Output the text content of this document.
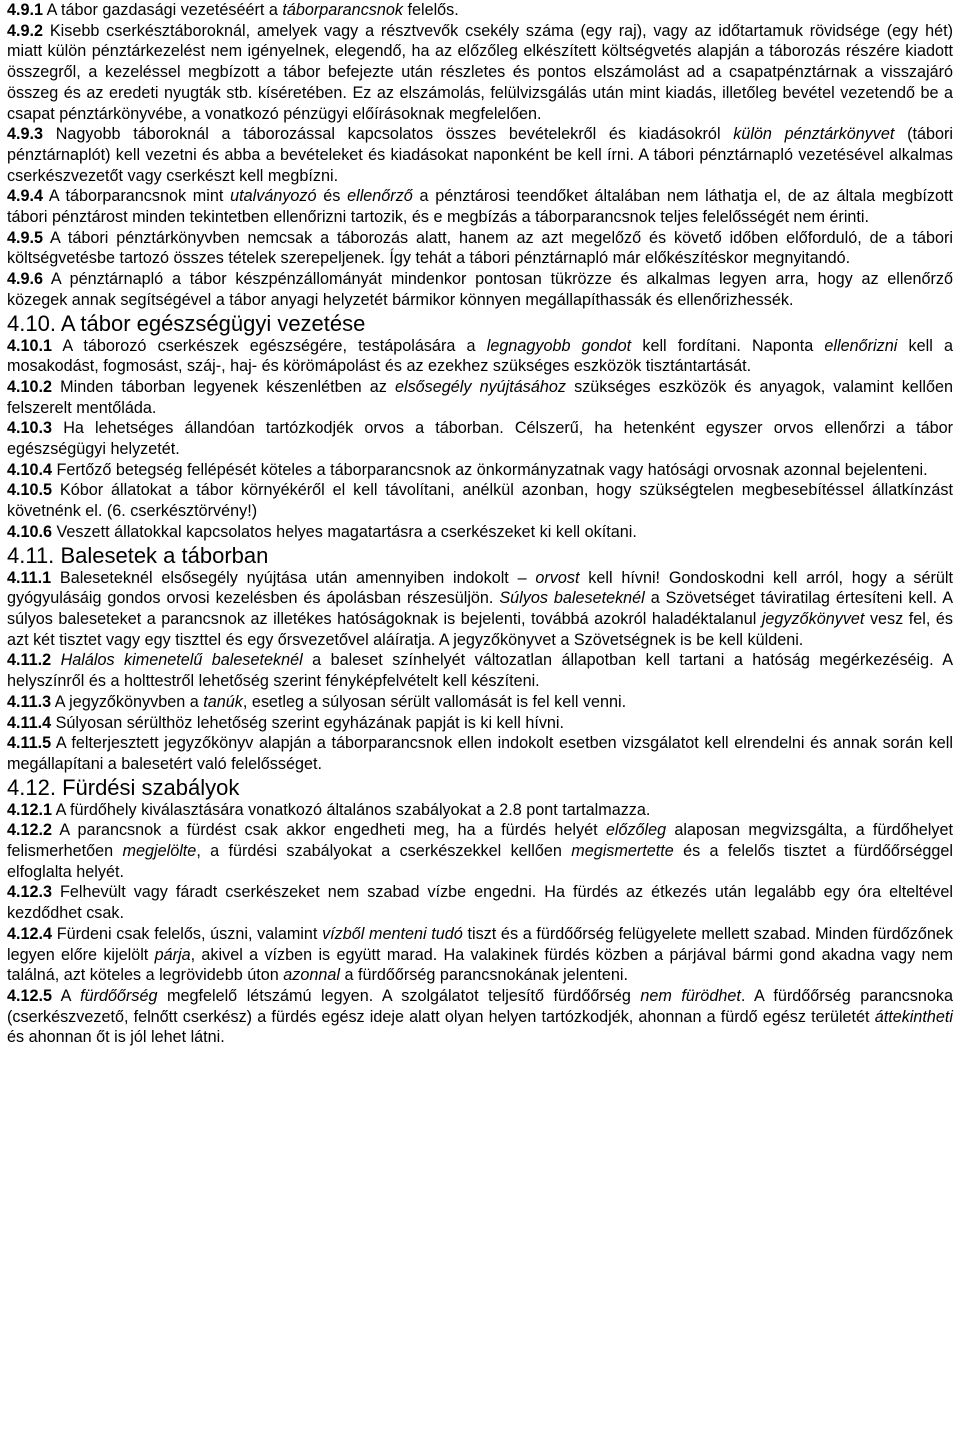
4.9.1 A tábor gazdasági vezetéséért a táborparancsnok felelős.

4.9.2 Kisebb cserkésztáboroknál, amelyek vagy a résztvevők csekély száma (egy raj), vagy az időtartamuk rövidsége (egy hét) miatt külön pénztárkezelést nem igényelnek, elegendő, ha az előzőleg elkészített költségvetés alapján a táborozás részére kiadott összegről, a kezeléssel megbízott a tábor befejezte után részletes és pontos elszámolást ad a csapatpénztárnak a visszajáró összeg és az eredeti nyugták stb. kíséretében. Ez az elszámolás, felülvizsgálás után mint kiadás, illetőleg bevétel vezetendő be a csapat pénztárkönyvébe, a vonatkozó pénzügyi előírásoknak megfelelően.

4.9.3 Nagyobb táboroknál a táborozással kapcsolatos összes bevételekről és kiadásokról külön pénztárkönyvet (tábori pénztárnaplót) kell vezetni és abba a bevételeket és kiadásokat naponként be kell írni. A tábori pénztárnapló vezetésével alkalmas cserkészvezetőt vagy cserkészt kell megbízni.

4.9.4 A táborparancsnok mint utalványozó és ellenőrző a pénztárosi teendőket általában nem láthatja el, de az általa megbízott tábori pénztárost minden tekintetben ellenőrizni tartozik, és e megbízás a táborparancsnok teljes felelősségét nem érinti.

4.9.5 A tábori pénztárkönyvben nemcsak a táborozás alatt, hanem az azt megelőző és követő időben előforduló, de a tábori költségvetésbe tartozó összes tételek szerepeljenek. Így tehát a tábori pénztárnapló már előkészítéskor megnyitandó.

4.9.6 A pénztárnapló a tábor készpénzállományát mindenkor pontosan tükrözze és alkalmas legyen arra, hogy az ellenőrző közegek annak segítségével a tábor anyagi helyzetét bármikor könnyen megállapíthassák és ellenőrizhessék.

4.10. A tábor egészségügyi vezetése

4.10.1 A táborozó cserkészek egészségére, testápolására a legnagyobb gondot kell fordítani. Naponta ellenőrizni kell a mosakodást, fogmosást, száj-, haj- és körömápolást és az ezekhez szükséges eszközök tisztántartását.

4.10.2 Minden táborban legyenek készenlétben az elsősegély nyújtásához szükséges eszközök és anyagok, valamint kellően felszerelt mentőláda.

4.10.3 Ha lehetséges állandóan tartózkodjék orvos a táborban. Célszerű, ha hetenként egyszer orvos ellenőrzi a tábor egészségügyi helyzetét.

4.10.4 Fertőző betegség fellépését köteles a táborparancsnok az önkormányzatnak vagy hatósági orvosnak azonnal bejelenteni.

4.10.5 Kóbor állatokat a tábor környékéről el kell távolítani, anélkül azonban, hogy szükségtelen megbesebítéssel állatkínzást követnénk el. (6. cserkésztörvény!)

4.10.6 Veszett állatokkal kapcsolatos helyes magatartásra a cserkészeket ki kell okítani.

4.11. Balesetek a táborban

4.11.1 Baleseteknél elsősegély nyújtása után amennyiben indokolt – orvost kell hívni! Gondoskodni kell arról, hogy a sérült gyógyulásáig gondos orvosi kezelésben és ápolásban részesüljön. Súlyos baleseteknél a Szövetséget táviratilag értesíteni kell. A súlyos baleseteket a parancsnok az illetékes hatóságoknak is bejelenti, továbbá azokról haladéktalanul jegyzőkönyvet vesz fel, és azt két tisztet vagy egy tiszttel és egy őrsvezetővel aláíratja. A jegyzőkönyvet a Szövetségnek is be kell küldeni.

4.11.2 Halálos kimenetelű baleseteknél a baleset színhelyét változatlan állapotban kell tartani a hatóság megérkezéséig. A helyszínről és a holttestről lehetőség szerint fényképfelvételt kell készíteni.

4.11.3 A jegyzőkönyvben a tanúk, esetleg a súlyosan sérült vallomását is fel kell venni.

4.11.4 Súlyosan sérülthöz lehetőség szerint egyházának papját is ki kell hívni.

4.11.5 A felterjesztett jegyzőkönyv alapján a táborparancsnok ellen indokolt esetben vizsgálatot kell elrendelni és annak során kell megállapítani a balesetért való felelősséget.

4.12. Fürdési szabályok

4.12.1 A fürdőhely kiválasztására vonatkozó általános szabályokat a 2.8 pont tartalmazza.

4.12.2 A parancsnok a fürdést csak akkor engedheti meg, ha a fürdés helyét előzőleg alaposan megvizsgálta, a fürdőhelyet felismerhetően megjelölte, a fürdési szabályokat a cserkészekkel kellően megismertette és a felelős tisztet a fürdőőrséggel elfoglalta helyét.

4.12.3 Felhevült vagy fáradt cserkészeket nem szabad vízbe engedni. Ha fürdés az étkezés után legalább egy óra elteltével kezdődhet csak.

4.12.4 Fürdeni csak felelős, úszni, valamint vízből menteni tudó tiszt és a fürdőőrség felügyelete mellett szabad. Minden fürdőzőnek legyen előre kijelölt párja, akivel a vízben is együtt marad. Ha valakinek fürdés közben a párjával bármi gond akadna vagy nem találná, azt köteles a legrövidebb úton azonnal a fürdőőrség parancsnokának jelenteni.

4.12.5 A fürdőőrség megfelelő létszámú legyen. A szolgálatot teljesítő fürdőőrség nem fürödhet. A fürdőőrség parancsnoka (cserkészvezető, felnőtt cserkész) a fürdés egész ideje alatt olyan helyen tartózkodjék, ahonnan a fürdő egész területét áttekintheti és ahonnan őt is jól lehet látni.
